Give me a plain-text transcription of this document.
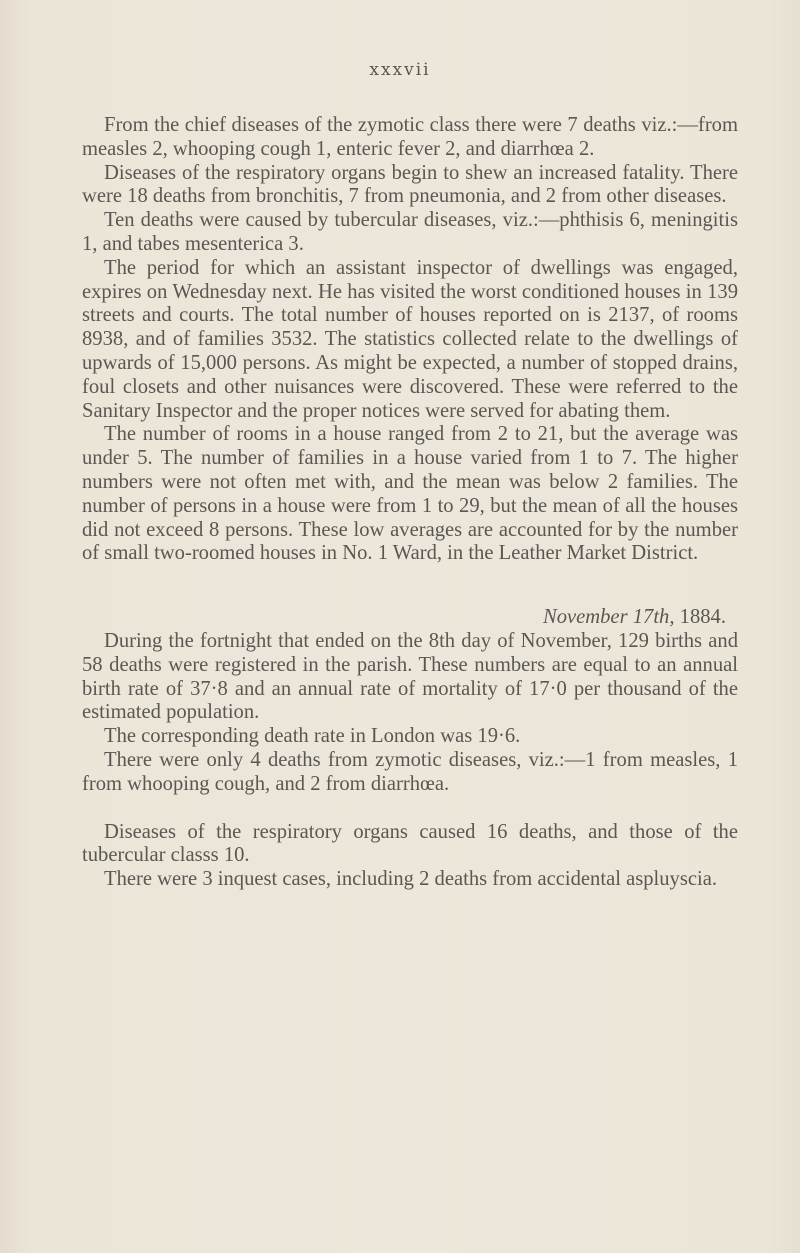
xxxvii

From the chief diseases of the zymotic class there were 7 deaths viz.:—from measles 2, whooping cough 1, enteric fever 2, and diarrhœa 2.

Diseases of the respiratory organs begin to shew an increased fatality. There were 18 deaths from bronchitis, 7 from pneumonia, and 2 from other diseases.

Ten deaths were caused by tubercular diseases, viz.:—phthisis 6, meningitis 1, and tabes mesenterica 3.

The period for which an assistant inspector of dwellings was engaged, expires on Wednesday next. He has visited the worst conditioned houses in 139 streets and courts. The total number of houses reported on is 2137, of rooms 8938, and of families 3532. The statistics collected relate to the dwellings of upwards of 15,000 persons. As might be expected, a number of stopped drains, foul closets and other nuisances were discovered. These were referred to the Sanitary Inspector and the proper notices were served for abating them.

The number of rooms in a house ranged from 2 to 21, but the average was under 5. The number of families in a house varied from 1 to 7. The higher numbers were not often met with, and the mean was below 2 families. The number of persons in a house were from 1 to 29, but the mean of all the houses did not exceed 8 persons. These low averages are accounted for by the number of small two-roomed houses in No. 1 Ward, in the Leather Market District.

November 17th, 1884.

During the fortnight that ended on the 8th day of November, 129 births and 58 deaths were registered in the parish. These numbers are equal to an annual birth rate of 37·8 and an annual rate of mortality of 17·0 per thousand of the estimated population.

The corresponding death rate in London was 19·6.

There were only 4 deaths from zymotic diseases, viz.:—1 from measles, 1 from whooping cough, and 2 from diarrhœa.

Diseases of the respiratory organs caused 16 deaths, and those of the tubercular classs 10.

There were 3 inquest cases, including 2 deaths from accidental aspluyscia.
